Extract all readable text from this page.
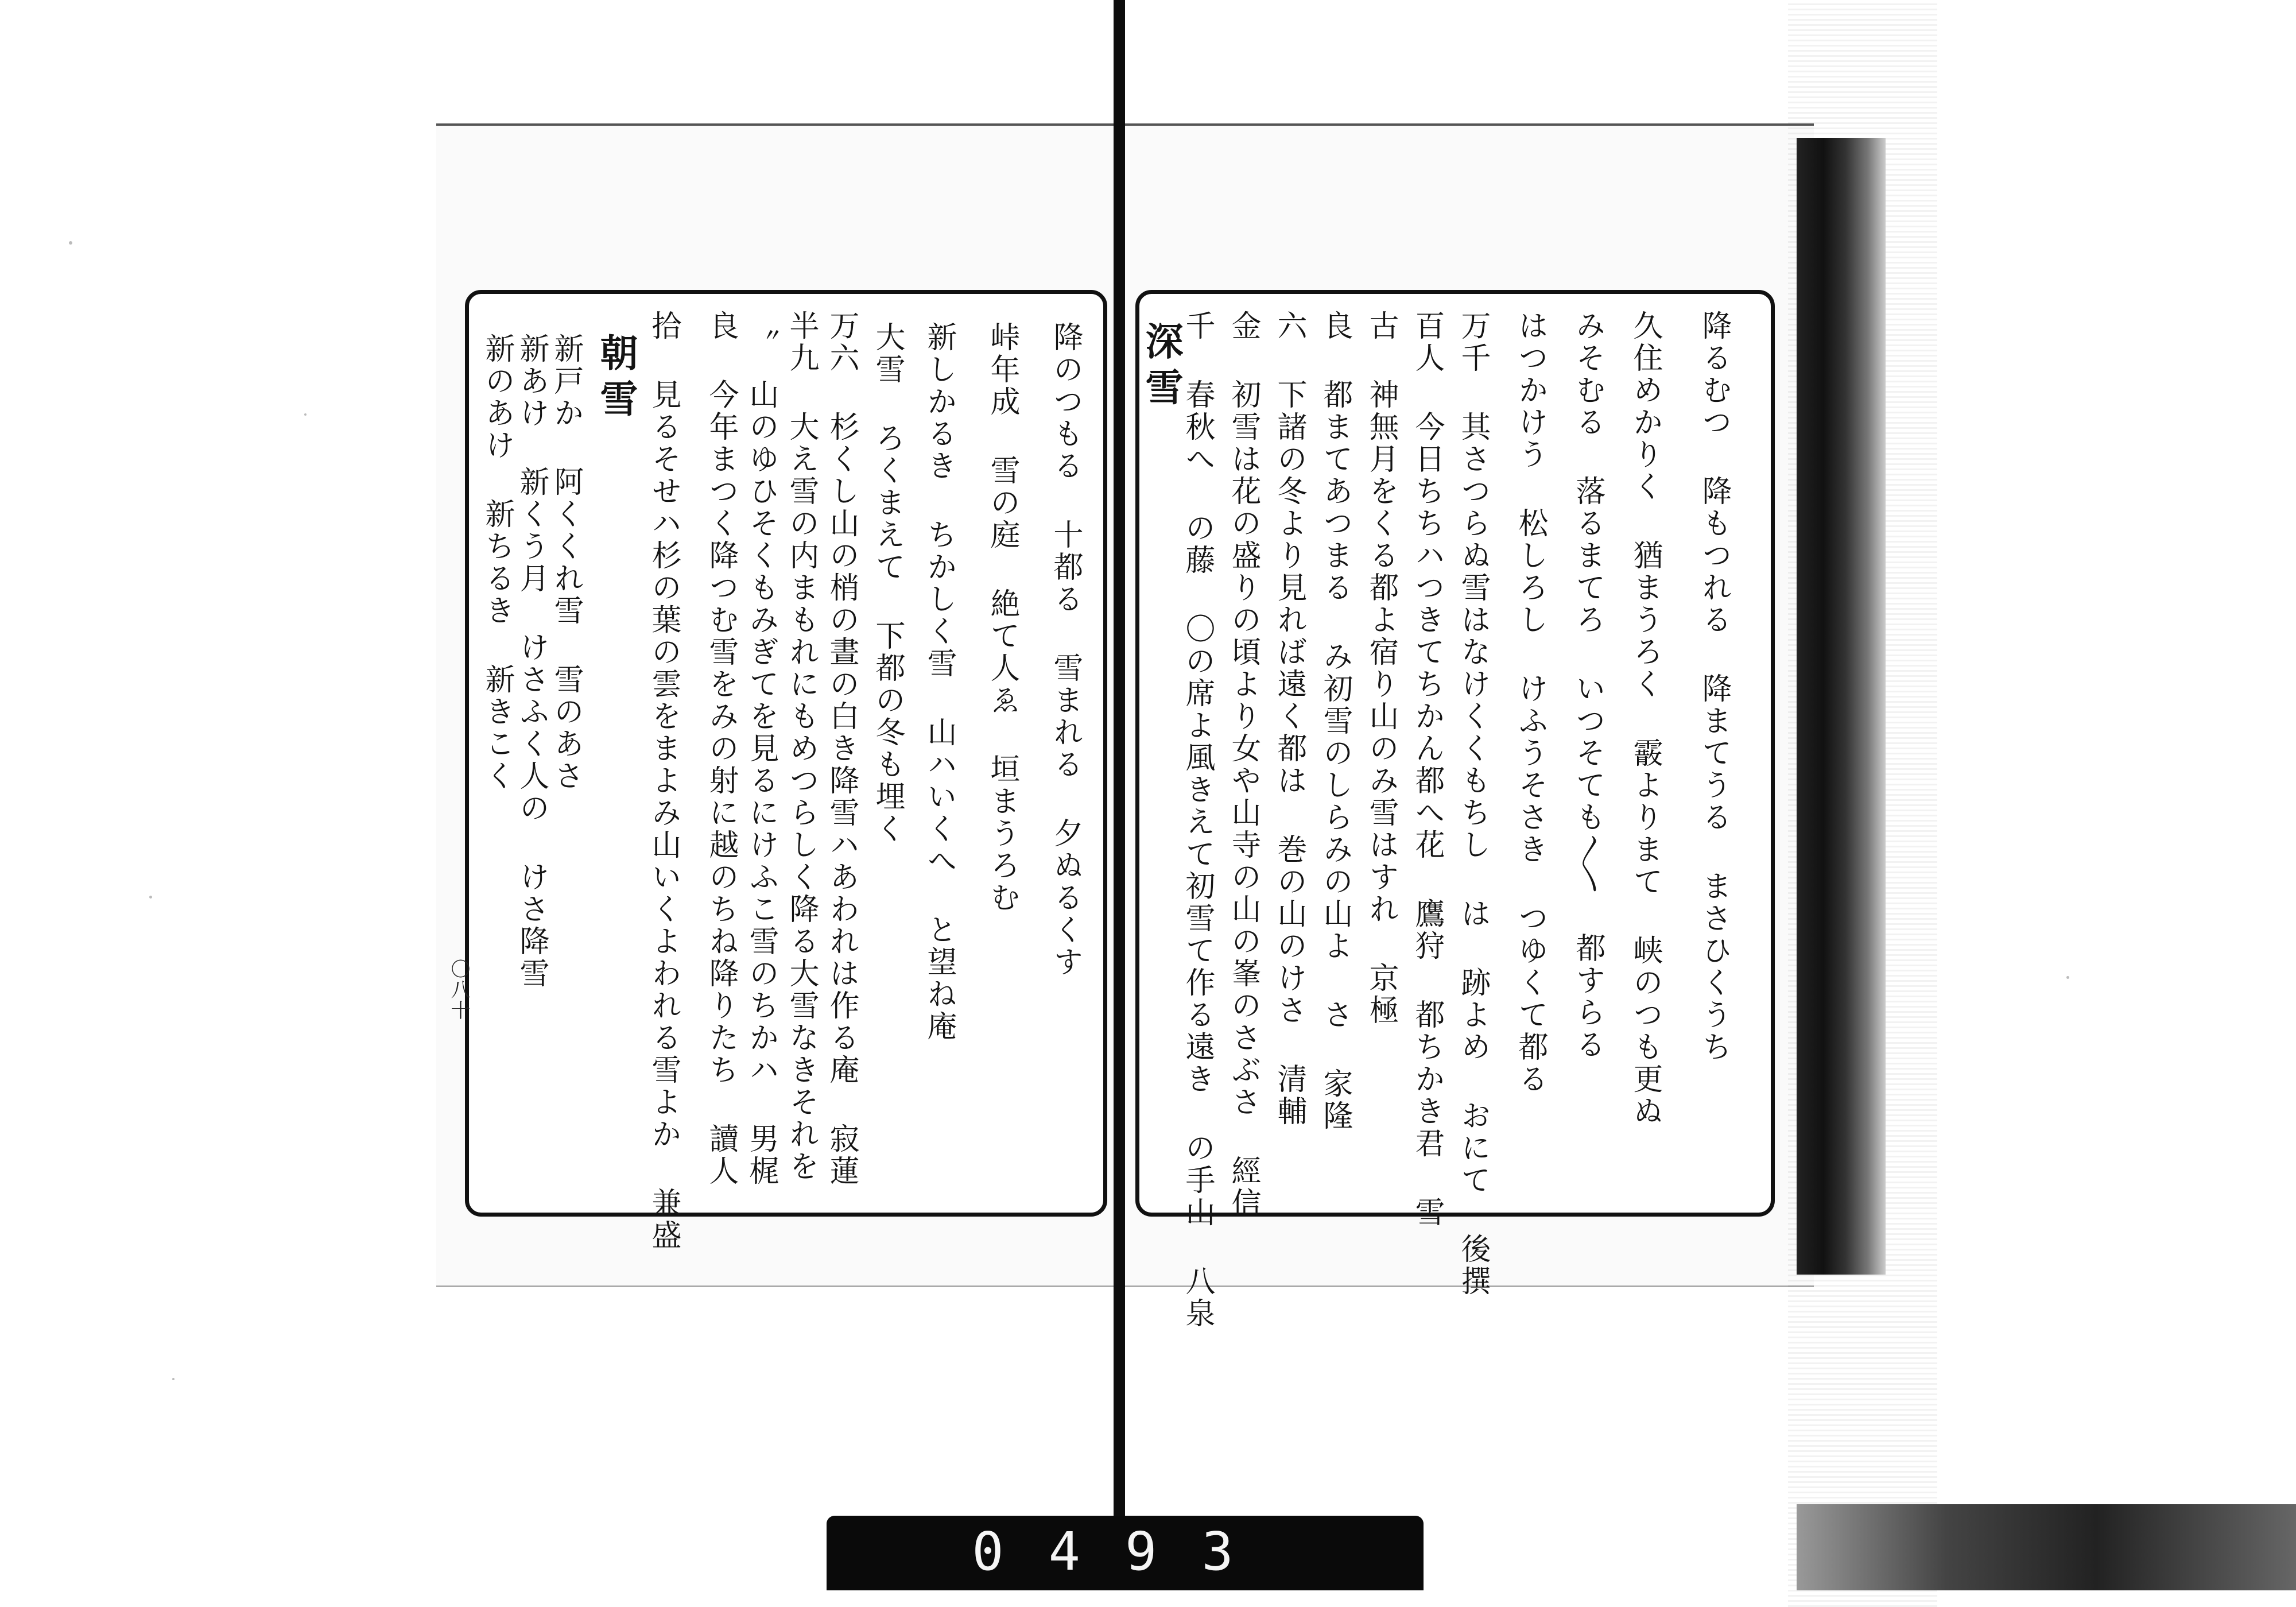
深雪
千 春秋へ の藤 〇の席よ風きえて初雪て作る遠き の手山 八泉 金 初雪は花の盛りの頃より女や山寺の山の峯のさぶさ 經信 六 下諸の冬より見れば遠く都は 巻の山のけさ 清輔 良 都まてあつまる み初雪のしらみの山よ さ 家隆 古 神無月をくる都よ宿り山のみ雪はすれ 京極 百人 今日ちちハつきてちかん都へ花 鷹狩 都ちかき君 雪 万千 其さつらぬ雪はなけくくもちし は 跡よめ おにて 後撰 はつかけう 松しろし けふうそさき つゆくて都る みそむる 落るまてろ いつそても〳〵 都すらる 久住めかりく 猶まうろく 霰よりまて 峡のつも更ぬ 降るむつ 降もつれる 降まてうる まさひくうち
降のつもる 十都る 雪まれる 夕ぬるくす
峠年成 雪の庭 絶て人ゑ 垣まうろむ
新しかるき ちかしく雪 山ハいくへ と望ね庵
大雪 ろくまえて 下都の冬も埋く
万六 杉くし山の梢の晝の白き降雪ハあわれは作る庵 寂蓮
半九 大え雪の内まもれにもめつらしく降る大雪なきそれを
〝 山のゆひそくもみぎてを見るにけふこ雪のちかハ 男梶
良 今年まつく降つむ雪をみの射に越のちね降りたち 讀人
拾 見るそせハ杉の葉の雲をまよみ山いくよわれる雪よか 兼盛
朝雪
新戸か 阿くくれ雪 雪のあさ
新あけ 新くう月 けさふく人の けさ降雪
新のあけ 新ちるき 新きこく
〇八十
0493
